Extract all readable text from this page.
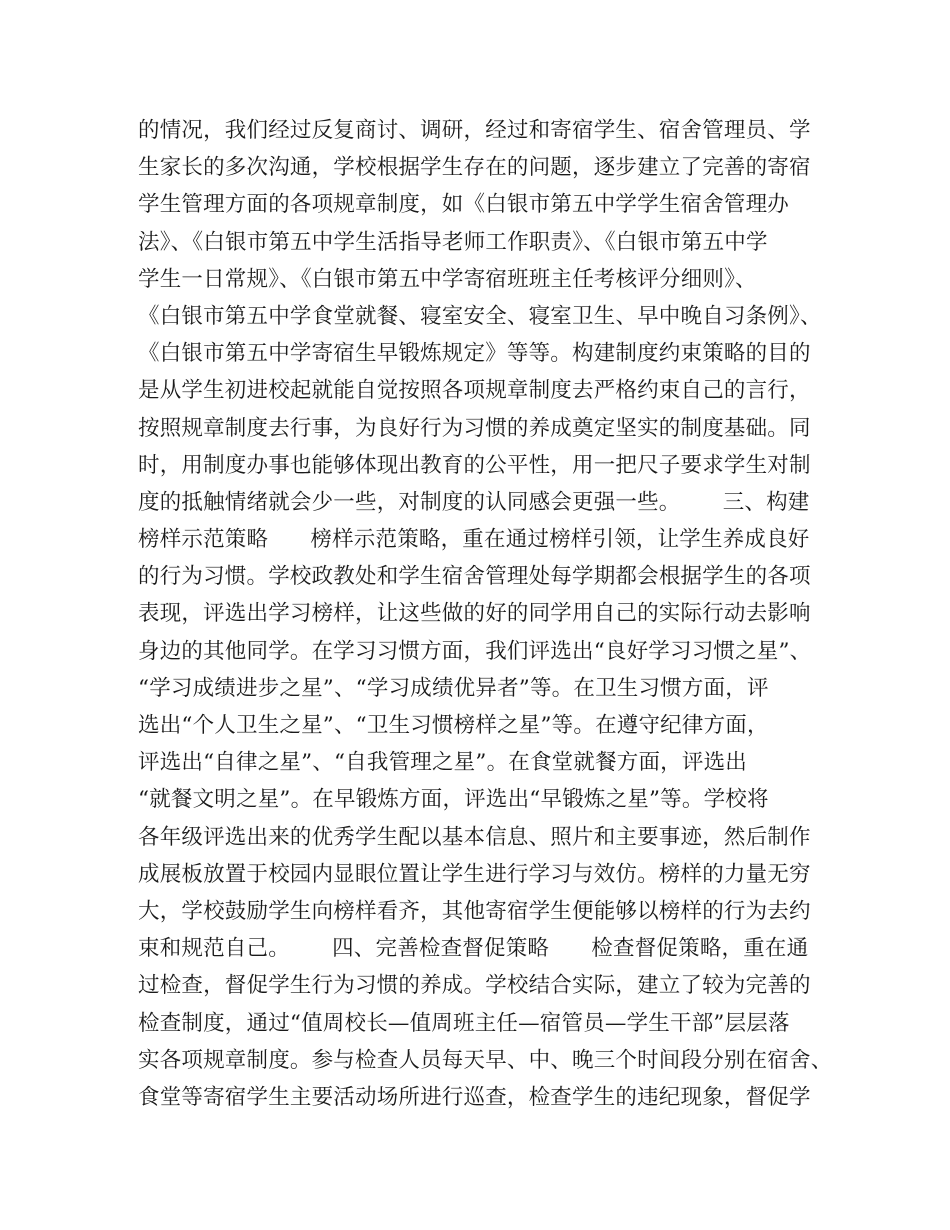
的情况，我们经过反复商讨、调研，经过和寄宿学生、宿舍管理员、学
生家长的多次沟通，学校根据学生存在的问题，逐步建立了完善的寄宿
学生管理方面的各项规章制度，如《白银市第五中学学生宿舍管理办
法》、《白银市第五中学生活指导老师工作职责》、《白银市第五中学
学生一日常规》、《白银市第五中学寄宿班班主任考核评分细则》、
《白银市第五中学食堂就餐、寝室安全、寝室卫生、早中晚自习条例》、
《白银市第五中学寄宿生早锻炼规定》等等。构建制度约束策略的目的
是从学生初进校起就能自觉按照各项规章制度去严格约束自己的言行，
按照规章制度去行事，为良好行为习惯的养成奠定坚实的制度基础。同
时，用制度办事也能够体现出教育的公平性，用一把尺子要求学生对制
度的抵触情绪就会少一些，对制度的认同感会更强一些。      三、构建
榜样示范策略      榜样示范策略，重在通过榜样引领，让学生养成良好
的行为习惯。学校政教处和学生宿舍管理处每学期都会根据学生的各项
表现，评选出学习榜样，让这些做的好的同学用自己的实际行动去影响
身边的其他同学。在学习习惯方面，我们评选出“良好学习习惯之星”、
“学习成绩进步之星”、“学习成绩优异者”等。在卫生习惯方面，评
选出“个人卫生之星”、“卫生习惯榜样之星”等。在遵守纪律方面，
评选出“自律之星”、“自我管理之星”。在食堂就餐方面，评选出
“就餐文明之星”。在早锻炼方面，评选出“早锻炼之星”等。学校将
各年级评选出来的优秀学生配以基本信息、照片和主要事迹，然后制作
成展板放置于校园内显眼位置让学生进行学习与效仿。榜样的力量无穷
大，学校鼓励学生向榜样看齐，其他寄宿学生便能够以榜样的行为去约
束和规范自己。      四、完善检查督促策略      检查督促策略，重在通
过检查，督促学生行为习惯的养成。学校结合实际，建立了较为完善的
检查制度，通过“值周校长—值周班主任—宿管员—学生干部”层层落
实各项规章制度。参与检查人员每天早、中、晚三个时间段分别在宿舍、
食堂等寄宿学生主要活动场所进行巡查，检查学生的违纪现象，督促学
